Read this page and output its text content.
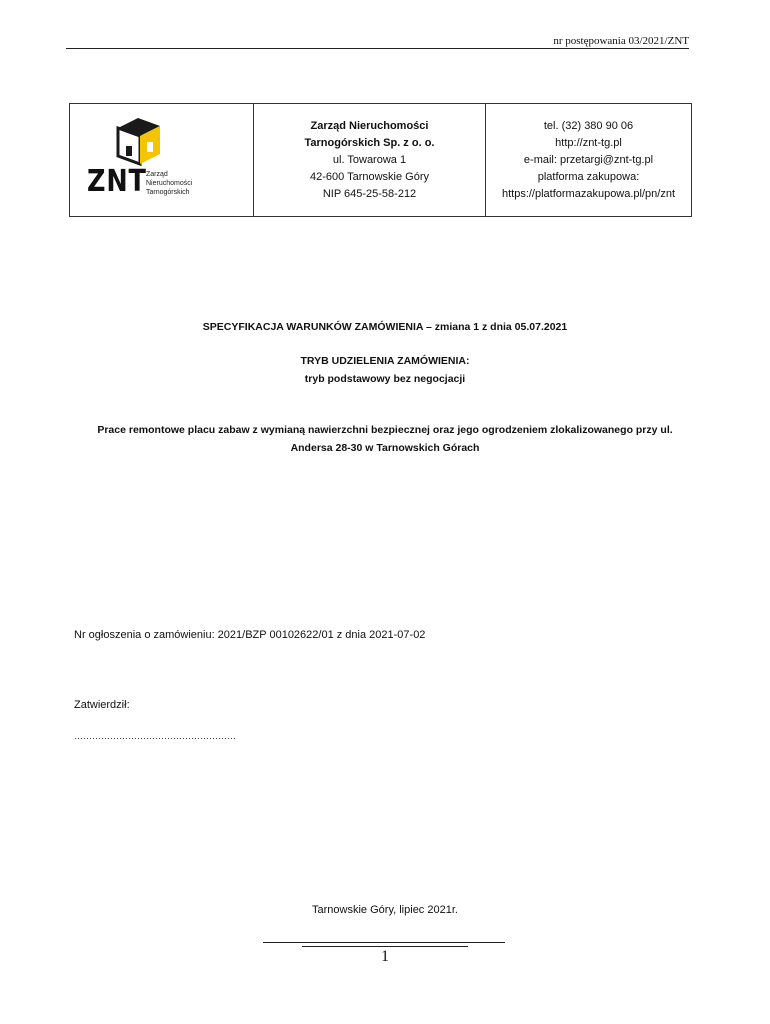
nr postępowania 03/2021/ZNT
ZNT Zarząd
Nieruchomości
Tarnogórskich
Zarząd Nieruchomości
Tarnogórskich Sp. z o. o.
ul. Towarowa 1
42-600 Tarnowskie Góry
NIP 645-25-58-212
tel. (32) 380 90 06
http://znt-tg.pl
e-mail: przetargi@znt-tg.pl
platforma zakupowa:
https://platformazakupowa.pl/pn/znt
SPECYFIKACJA WARUNKÓW ZAMÓWIENIA – zmiana 1 z dnia 05.07.2021
TRYB UDZIELENIA ZAMÓWIENIA:
tryb podstawowy bez negocjacji
Prace remontowe placu zabaw z wymianą nawierzchni bezpiecznej oraz jego ogrodzeniem zlokalizowanego przy ul.
Andersa 28-30 w Tarnowskich Górach
Nr ogłoszenia o zamówieniu: 2021/BZP 00102622/01 z dnia 2021-07-02
Zatwierdził:
………………………………………………
Tarnowskie Góry, lipiec 2021r.
1
